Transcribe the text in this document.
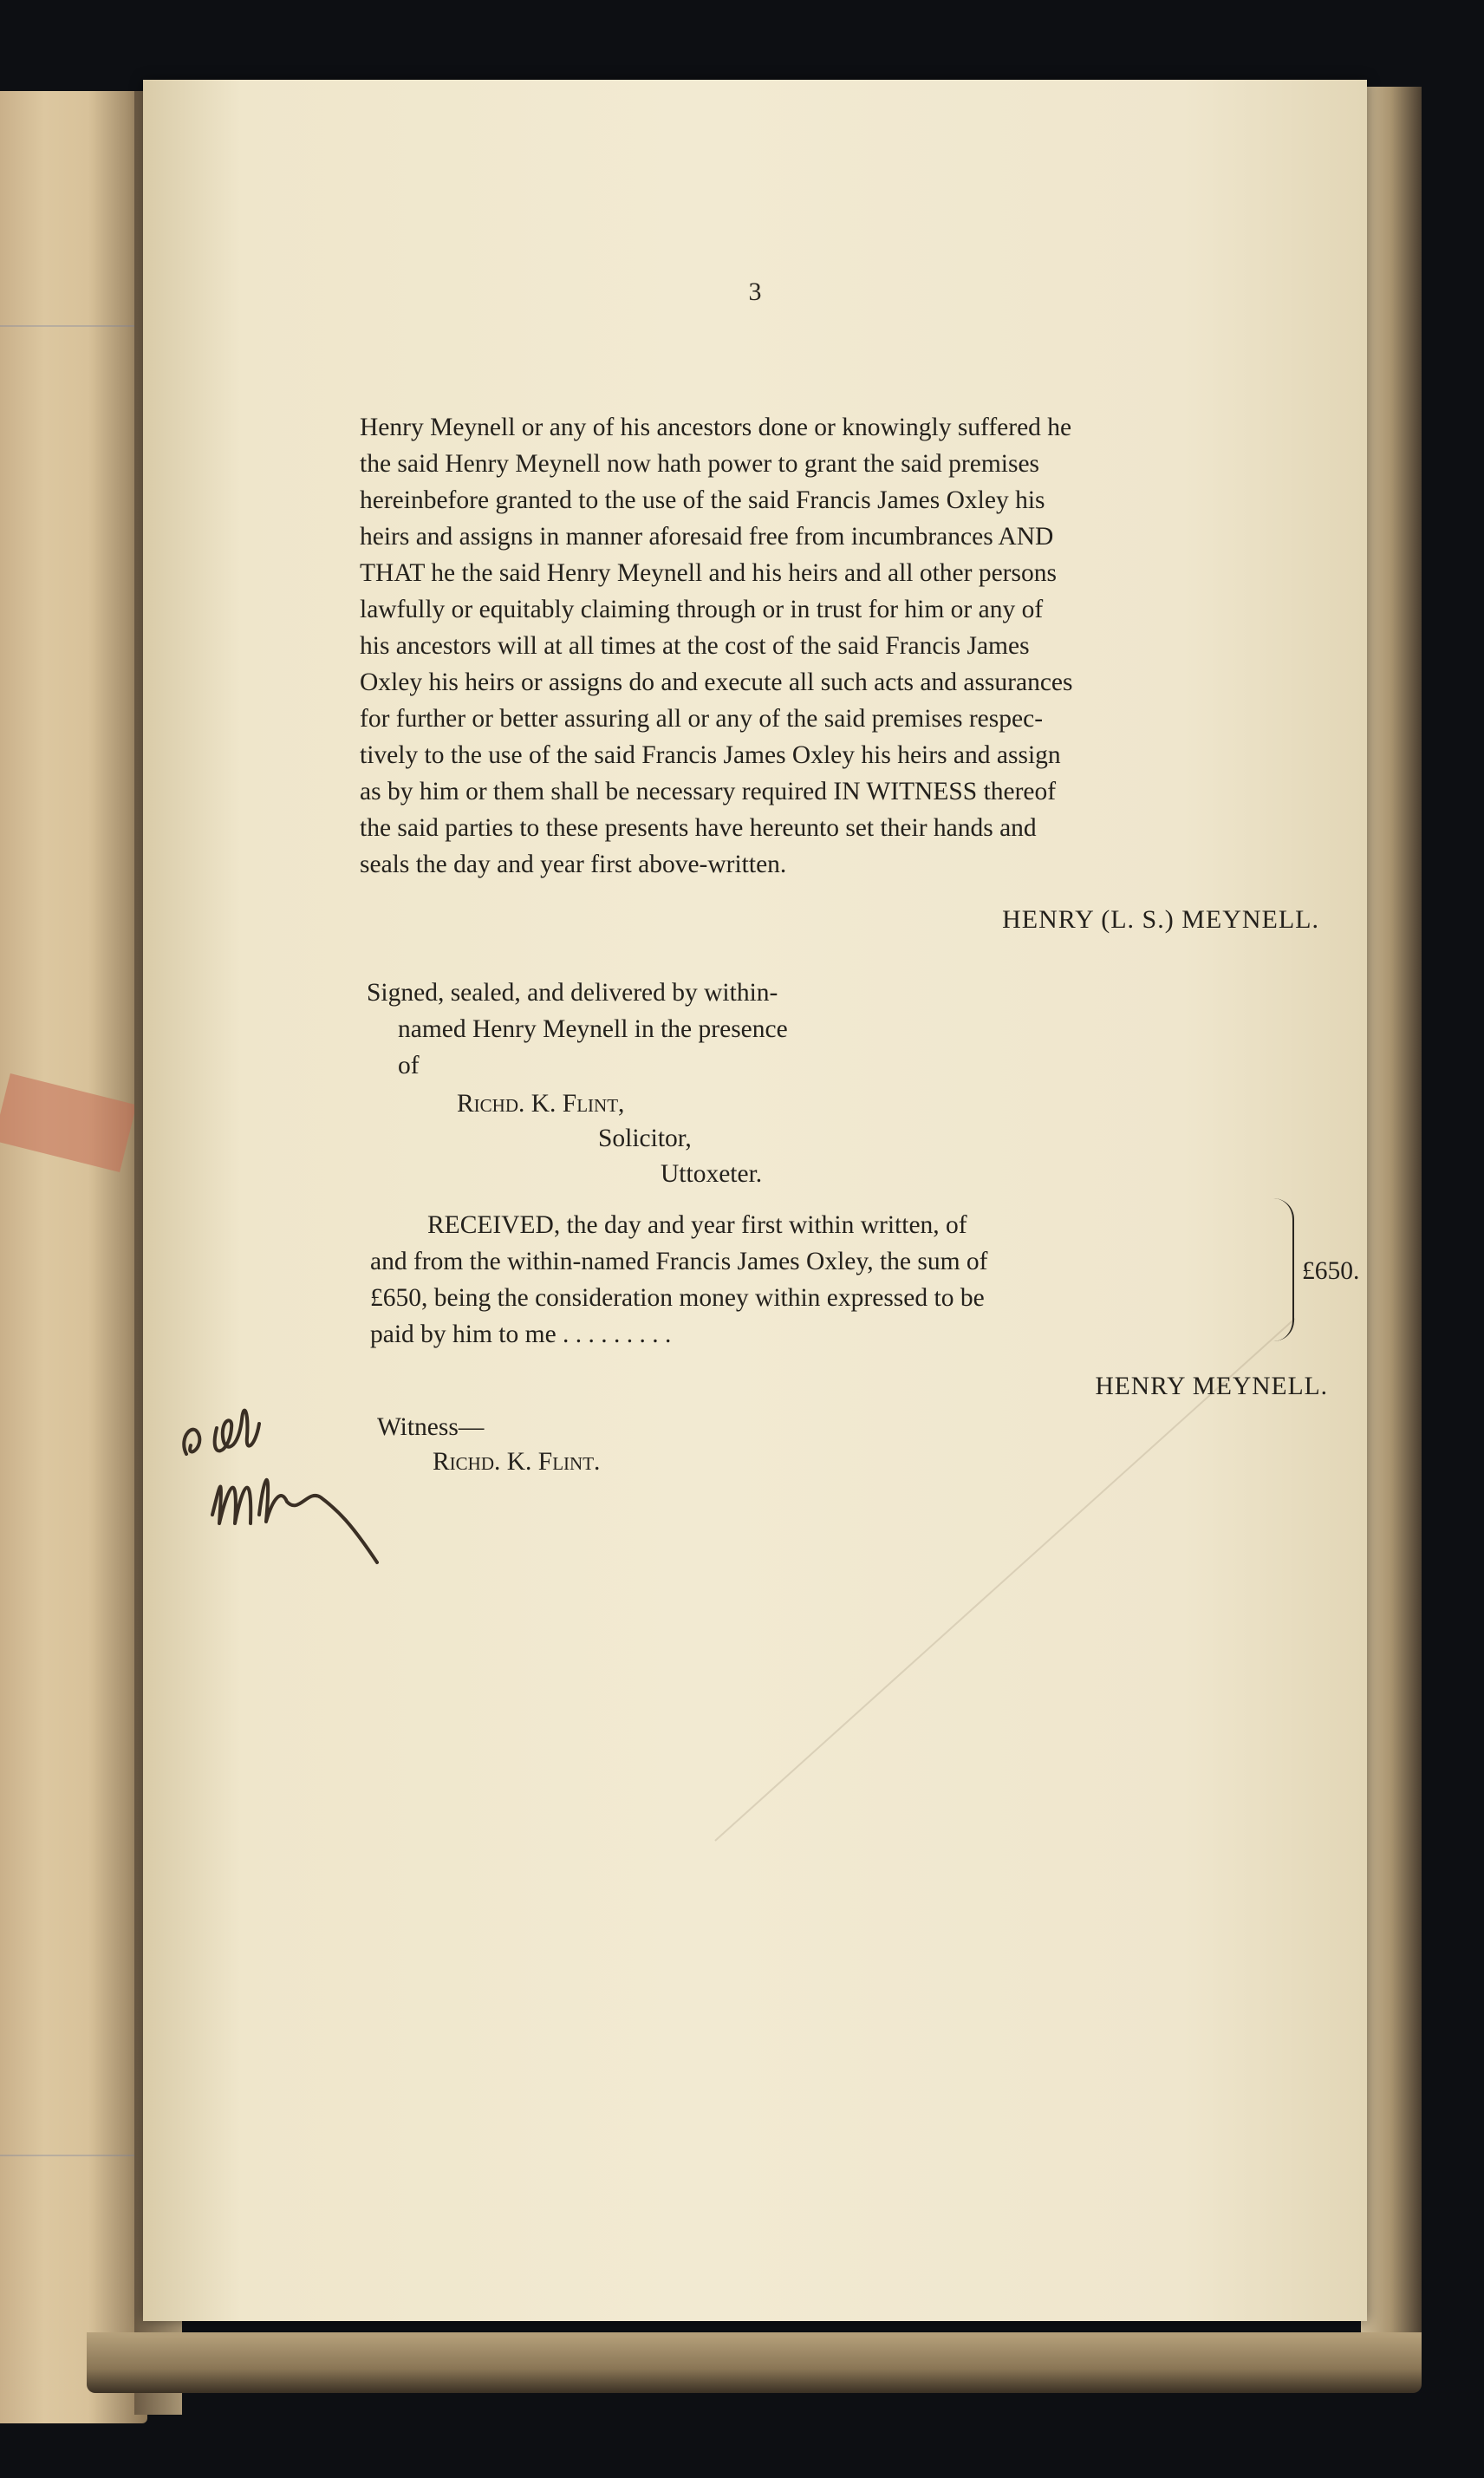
3
Henry Meynell or any of his ancestors done or knowingly suffered he
the said Henry Meynell now hath power to grant the said premises
hereinbefore granted to the use of the said Francis James Oxley his
heirs and assigns in manner aforesaid free from incumbrances AND
THAT he the said Henry Meynell and his heirs and all other persons
lawfully or equitably claiming through or in trust for him or any of
his ancestors will at all times at the cost of the said Francis James
Oxley his heirs or assigns do and execute all such acts and assurances
for further or better assuring all or any of the said premises respec-
tively to the use of the said Francis James Oxley his heirs and assign
as by him or them shall be necessary required IN WITNESS thereof
the said parties to these presents have hereunto set their hands and
seals the day and year first above-written.
HENRY (L. S.) MEYNELL.
Signed, sealed, and delivered by within-
named Henry Meynell in the presence
of
Richd. K. Flint,
Solicitor,
Uttoxeter.
RECEIVED, the day and year first within written, of
and from the within-named Francis James Oxley, the sum of
£650, being the consideration money within expressed to be
paid by him to me . . . . . . . . .
£650.
HENRY MEYNELL.
Witness—
Richd. K. Flint.
